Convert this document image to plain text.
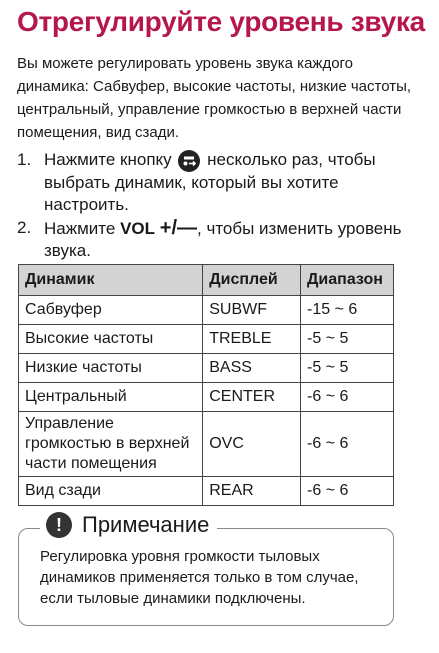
Отрегулируйте уровень звука

Вы можете регулировать уровень звука каждого динамика: Сабвуфер, высокие частоты, низкие частоты, центральный, управление громкостью в верхней части помещения, вид сзади.

1. Нажмите кнопку несколько раз, чтобы выбрать динамик, который вы хотите настроить.
2. Нажмите VOL +/—, чтобы изменить уровень звука.
Динамик	Дисплей	Диапазон
Сабвуфер	SUBWF	-15 ~ 6
Высокие частоты	TREBLE	-5 ~ 5
Низкие частоты	BASS	-5 ~ 5
Центральный	CENTER	-6 ~ 6
Управление громкостью в верхней части помещения	OVC	-6 ~ 6
Вид сзади	REAR	-6 ~ 6
! Примечание

Регулировка уровня громкости тыловых динамиков применяется только в том случае, если тыловые динамики подключены.
